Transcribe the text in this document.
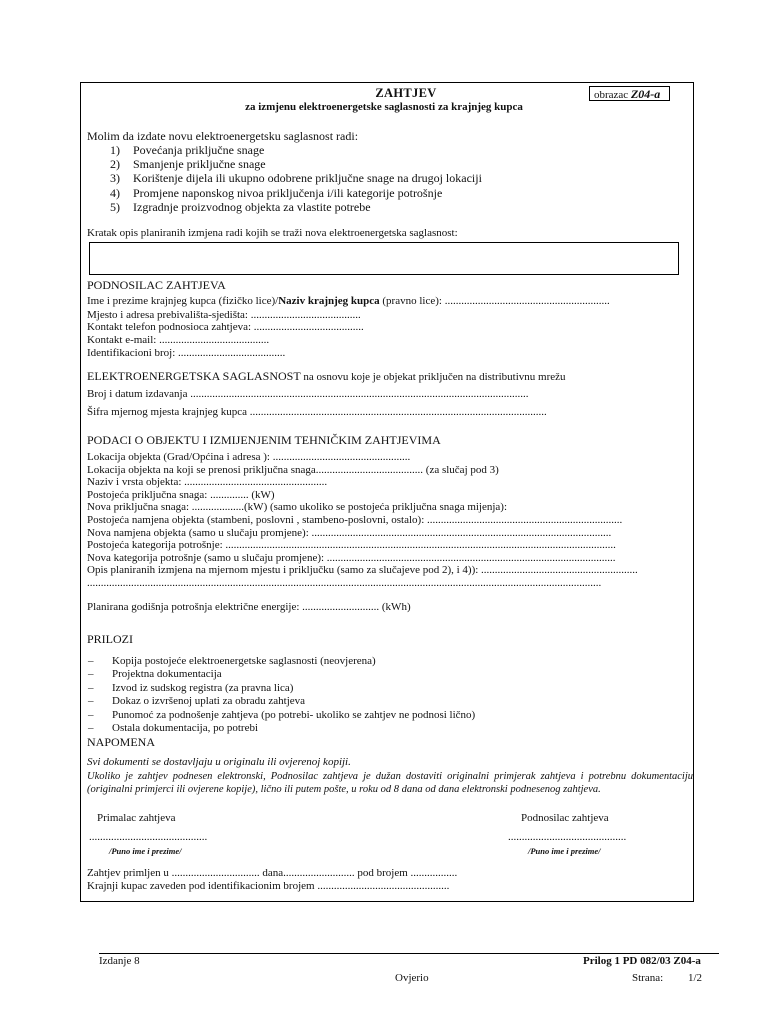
ZAHTJEV
za izmjenu elektroenergetske saglasnosti za krajnjeg kupca
obrazac Z04-a
Molim da izdate novu elektroenergetsku saglasnost radi:
1) Povećanja priključne snage
2) Smanjenje priključne snage
3) Korištenje dijela ili ukupno odobrene priključne snage na drugoj lokaciji
4) Promjene naponskog nivoa priključenja i/ili kategorije potrošnje
5) Izgradnje proizvodnog objekta za vlastite potrebe
Kratak opis planiranih izmjena radi kojih se traži nova elektroenergetska saglasnost:
PODNOSILAC ZAHTJEVA
Ime i prezime krajnjeg kupca (fizičko lice)/Naziv krajnjeg kupca (pravno lice): ............................................................
Mjesto i adresa prebivališta-sjedišta: ........................................
Kontakt telefon podnosioca zahtjeva: ........................................
Kontakt e-mail: ........................................
Identifikacioni broj: .......................................
ELEKTROENERGETSKA SAGLASNOST na osnovu koje je objekat priključen na distributivnu mrežu
Broj i datum izdavanja ...........................................................................................................................
Šifra mjernog mjesta krajnjeg kupca ............................................................................................................
PODACI O OBJEKTU I IZMIJENJENIM TEHNIČKIM ZAHTJEVIMA
Lokacija objekta (Grad/Općina i adresa ): ..................................................
Lokacija objekta na koji se prenosi priključna snaga....................................... (za slučaj pod 3)
Naziv i vrsta objekta: ....................................................
Postojeća priključna snaga: .............. (kW)
Nova priključna snaga: ...................(kW) (samo ukoliko se postojeća priključna snaga mijenja):
Postojeća namjena objekta (stambeni, poslovni , stambeno-poslovni, ostalo): .......................................................................
Nova namjena objekta (samo u slučaju promjene): .............................................................................................................
Postojeća kategorija potrošnje: ..............................................................................................................................................
Nova kategorija potrošnje (samo u slučaju promjene): .........................................................................................................
Opis planiranih izmjena na mjernom mjestu i priključku (samo za slučajeve pod 2), i 4)): .........................................................
...........................................................................................................................................................................................
Planirana godišnja potrošnja električne energije: ............................ (kWh)
PRILOZI
– Kopija postojeće elektroenergetske saglasnosti (neovjerena)
– Projektna dokumentacija
– Izvod iz sudskog registra (za pravna lica)
– Dokaz o izvršenoj uplati za obradu zahtjeva
– Punomoć za podnošenje zahtjeva (po potrebi- ukoliko se zahtjev ne podnosi lično)
– Ostala dokumentacija, po potrebi
NAPOMENA
Svi dokumenti se dostavljaju u originalu ili ovjerenoj kopiji.
Ukoliko je zahtjev podnesen elektronski, Podnosilac zahtjeva je dužan dostaviti originalni primjerak zahtjeva i potrebnu dokumentaciju (originalni primjerci ili ovjerene kopije), lično ili putem pošte, u roku od 8 dana od dana elektronski podnesenog zahtjeva.
Primalac zahtjeva	Podnosilac zahtjeva
...........................................	...........................................
/Puno ime i prezime/	/Puno ime i prezime/
Zahtjev primljen u ................................ dana.......................... pod brojem .................
Krajnji kupac zaveden pod identifikacionim brojem ................................................
Izdanje 8	Prilog 1 PD 082/03 Z04-a
Ovjerio	Strana: 1/2
